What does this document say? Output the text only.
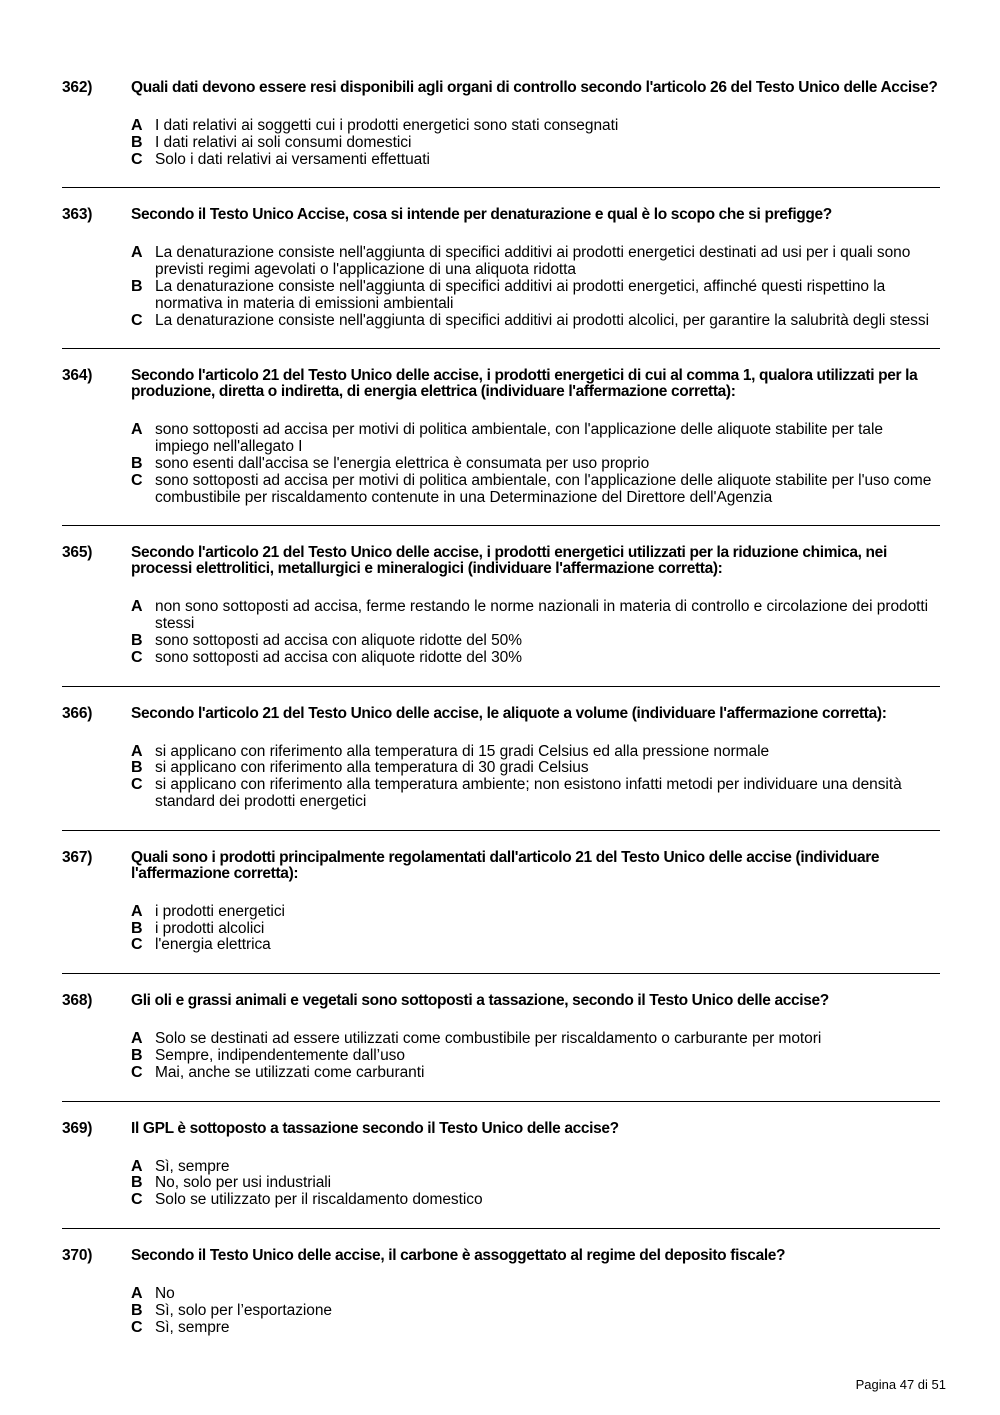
362)	Quali dati devono essere resi disponibili agli organi di controllo secondo l'articolo 26 del Testo Unico delle Accise?
A I dati relativi ai soggetti cui i prodotti energetici sono stati consegnati
B I dati relativi ai soli consumi domestici
C Solo i dati relativi ai versamenti effettuati
363)	Secondo il Testo Unico Accise, cosa si intende per denaturazione e qual è lo scopo che si prefigge?
A La denaturazione consiste nell'aggiunta di specifici additivi ai prodotti energetici destinati ad usi per i quali sono previsti regimi agevolati o l'applicazione di una aliquota ridotta
B La denaturazione consiste nell'aggiunta di specifici additivi ai prodotti energetici, affinché questi rispettino la normativa in materia di emissioni ambientali
C La denaturazione consiste nell'aggiunta di specifici additivi ai prodotti alcolici, per garantire la salubrità degli stessi
364)	Secondo l'articolo 21 del Testo Unico delle accise, i prodotti energetici di cui al comma 1, qualora utilizzati per la produzione, diretta o indiretta, di energia elettrica (individuare l'affermazione corretta):
A sono sottoposti ad accisa per motivi di politica ambientale, con l'applicazione delle aliquote stabilite per tale impiego nell'allegato I
B sono esenti dall'accisa se l'energia elettrica è consumata per uso proprio
C sono sottoposti ad accisa per motivi di politica ambientale, con l'applicazione delle aliquote stabilite per l'uso come combustibile per riscaldamento contenute in una Determinazione del Direttore dell'Agenzia
365)	Secondo l'articolo 21 del Testo Unico delle accise, i prodotti energetici utilizzati per la riduzione chimica, nei processi elettrolitici, metallurgici e mineralogici (individuare l'affermazione corretta):
A non sono sottoposti ad accisa, ferme restando le norme nazionali in materia di controllo e circolazione dei prodotti stessi
B sono sottoposti ad accisa con aliquote ridotte del 50%
C sono sottoposti ad accisa con aliquote ridotte del 30%
366)	Secondo l'articolo 21 del Testo Unico delle accise, le aliquote a volume (individuare l'affermazione corretta):
A si applicano con riferimento alla temperatura di 15 gradi Celsius ed alla pressione normale
B si applicano con riferimento alla temperatura di 30 gradi Celsius
C si applicano con riferimento alla temperatura ambiente; non esistono infatti metodi per individuare una densità standard dei prodotti energetici
367)	Quali sono i prodotti principalmente regolamentati dall'articolo 21 del Testo Unico delle accise (individuare l'affermazione corretta):
A i prodotti energetici
B i prodotti alcolici
C l'energia elettrica
368)	Gli oli e grassi animali e vegetali sono sottoposti a tassazione, secondo il Testo Unico delle accise?
A Solo se destinati ad essere utilizzati come combustibile per riscaldamento o carburante per motori
B Sempre, indipendentemente dall’uso
C Mai, anche se utilizzati come carburanti
369)	Il GPL è sottoposto a tassazione secondo il Testo Unico delle accise?
A Sì, sempre
B No, solo per usi industriali
C Solo se utilizzato per il riscaldamento domestico
370)	Secondo il Testo Unico delle accise, il carbone è assoggettato al regime del deposito fiscale?
A No
B Sì, solo per l’esportazione
C Sì, sempre
Pagina 47 di 51
